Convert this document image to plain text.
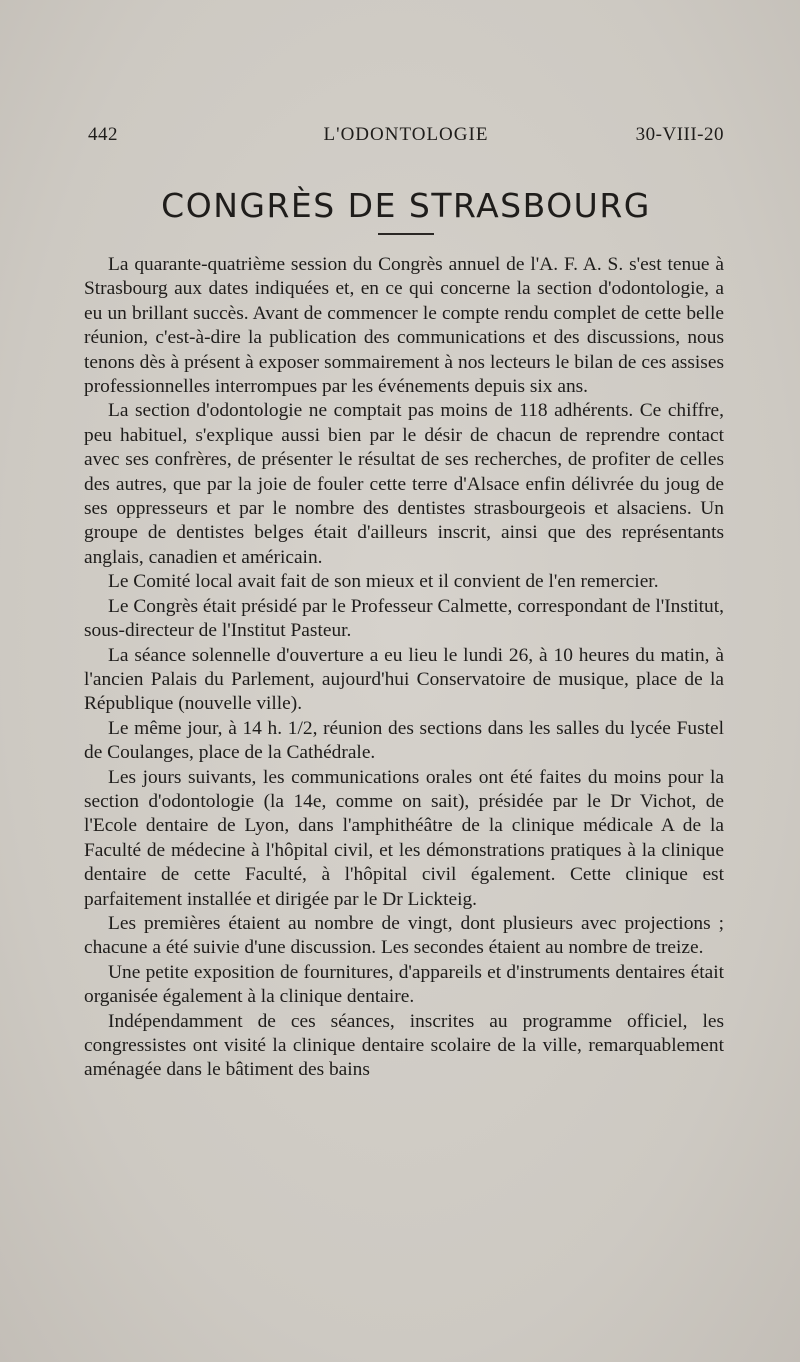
442	L'ODONTOLOGIE	30-VIII-20
CONGRÈS DE STRASBOURG

La quarante-quatrième session du Congrès annuel de l'A. F. A. S. s'est tenue à Strasbourg aux dates indiquées et, en ce qui concerne la section d'odontologie, a eu un brillant succès. Avant de commencer le compte rendu complet de cette belle réunion, c'est-à-dire la publication des communications et des discussions, nous tenons dès à présent à exposer sommairement à nos lecteurs le bilan de ces assises professionnelles interrompues par les événements depuis six ans.

La section d'odontologie ne comptait pas moins de 118 adhérents. Ce chiffre, peu habituel, s'explique aussi bien par le désir de chacun de reprendre contact avec ses confrères, de présenter le résultat de ses recherches, de profiter de celles des autres, que par la joie de fouler cette terre d'Alsace enfin délivrée du joug de ses oppresseurs et par le nombre des dentistes strasbourgeois et alsaciens. Un groupe de dentistes belges était d'ailleurs inscrit, ainsi que des représentants anglais, canadien et américain.

Le Comité local avait fait de son mieux et il convient de l'en remercier.

Le Congrès était présidé par le Professeur Calmette, correspondant de l'Institut, sous-directeur de l'Institut Pasteur.

La séance solennelle d'ouverture a eu lieu le lundi 26, à 10 heures du matin, à l'ancien Palais du Parlement, aujourd'hui Conservatoire de musique, place de la République (nouvelle ville).

Le même jour, à 14 h. 1/2, réunion des sections dans les salles du lycée Fustel de Coulanges, place de la Cathédrale.

Les jours suivants, les communications orales ont été faites du moins pour la section d'odontologie (la 14e, comme on sait), présidée par le Dr Vichot, de l'Ecole dentaire de Lyon, dans l'amphithéâtre de la clinique médicale A de la Faculté de médecine à l'hôpital civil, et les démonstrations pratiques à la clinique dentaire de cette Faculté, à l'hôpital civil également. Cette clinique est parfaitement installée et dirigée par le Dr Lickteig.

Les premières étaient au nombre de vingt, dont plusieurs avec projections ; chacune a été suivie d'une discussion. Les secondes étaient au nombre de treize.

Une petite exposition de fournitures, d'appareils et d'instruments dentaires était organisée également à la clinique dentaire.

Indépendamment de ces séances, inscrites au programme officiel, les congressistes ont visité la clinique dentaire scolaire de la ville, remarquablement aménagée dans le bâtiment des bains
